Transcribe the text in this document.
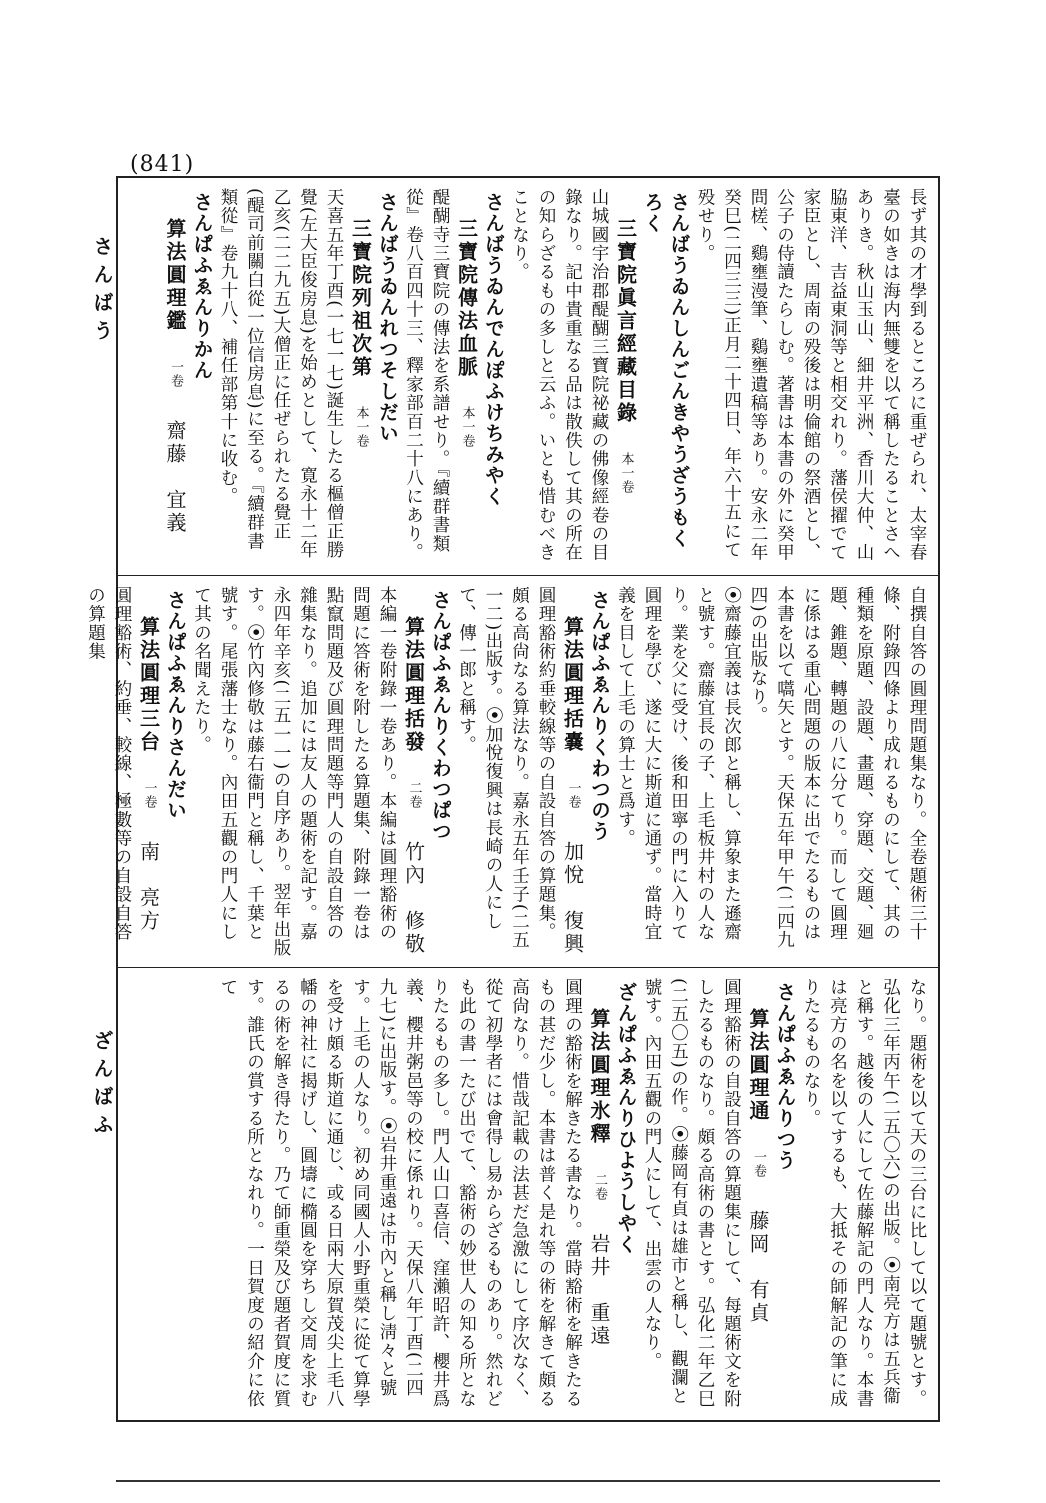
(841)
さんばう
ざんばふ
長ず其の才學到るところに重ぜられ、太宰春臺の如きは海内無雙を以て稱したることさへありき。秋山玉山、細井平洲、香川大仲、山脇東洋、吉益東洞等と相交れり。藩侯擢でて家臣とし、周南の殁後は明倫館の祭酒とし、公子の侍讀たらしむ。著書は本書の外に癸甲問槎、鷄壅漫筆、鷄壅遺稿等あり。安永二年癸巳(二四三三)正月二十四日、年六十五にて殁せり。
さんばうゐんしんごんきやうざうもくろく
三寶院眞言經藏目錄 本一卷
山城國宇治郡醍醐三寶院祕藏の佛像經卷の目錄なり。記中貴重なる品は散佚して其の所在の知らざるもの多しと云ふ。いとも惜むべきことなり。
さんばうゐんでんぽふけちみやく
三寶院傳法血脈 本一卷
醍醐寺三寶院の傳法を系譜せり。『續群書類從』卷八百四十三、釋家部百二十八にあり。
さんばうゐんれつそしだい
三寶院列祖次第 本一卷
天喜五年丁酉(一七一七)誕生したる樞僧正勝覺(左大臣俊房息)を始めとして、寛永十二年乙亥(二二九五)大僧正に任ぜられたる覺正(醍司前關白從一位信房息)に至る。『續群書類從』卷九十八、補任部第十に收む。
さんぱふゑんりかん
算法圓理鑑 一卷 齋藤　宜義
自撰自答の圓理問題集なり。全卷題術三十條、附錄四條より成れるものにして、其の種類を原題、設題、畫題、穿題、交題、廻題、錐題、轉題の八に分てり。而して圓理に係はる重心問題の版本に出でたるものは本書を以て嚆矢とす。天保五年甲午(二四九四)の出版なり。
⦿齋藤宜義は長次郎と稱し、算象また遜齋と號す。齋藤宜長の子、上毛板井村の人なり。業を父に受け、後和田寧の門に入りて圓理を學び、遂に大に斯道に通ず。當時宜義を目して上毛の算士と爲す。
さんぱふゑんりくわつのう
算法圓理括嚢 一卷 加悅　復興
圓理豁術約垂較線等の自設自答の算題集。頗る高尙なる算法なり。嘉永五年壬子(二五一二)出版す。⦿加悅復興は長崎の人にして、傳一郎と稱す。
さんぱふゑんりくわつぱつ
算法圓理括發 二卷 竹內　修敬
本編一卷附錄一卷あり。本編は圓理豁術の問題に答術を附したる算題集、附錄一卷は點竄問題及び圓理問題等門人の自設自答の雜集なり。追加には友人の題術を記す。嘉永四年辛亥(二五一一)の自序あり。翌年出版す。⦿竹內修敬は藤右衞門と稱し、千葉と號す。尾張藩士なり。內田五觀の門人にして其の名聞えたり。
さんぱふゑんりさんだい
算法圓理三台 一卷 南　亮方
圓理豁術、約垂、較線、極數等の自設自答の算題集
なり。題術を以て天の三台に比して以て題號とす。弘化三年丙午(二五〇六)の出版。⦿南亮方は五兵衞と稱す。越後の人にして佐藤解記の門人なり。本書は亮方の名を以てするも、大抵その師解記の筆に成りたるものなり。
さんぱふゑんりつう
算法圓理通 一卷 藤岡　有貞
圓理豁術の自設自答の算題集にして、每題術文を附したるものなり。頗る高術の書とす。弘化二年乙巳(二五〇五)の作。⦿藤岡有貞は雄市と稱し、觀瀾と號す。內田五觀の門人にして、出雲の人なり。
ざんぱふゑんりひようしやく
算法圓理氷釋 二卷 岩井　重遠
圓理の豁術を解きたる書なり。當時豁術を解きたるもの甚だ少し。本書は普く是れ等の術を解きて頗る高尙なり。惜哉記載の法甚だ急激にして序次なく、從て初學者には會得し易からざるものあり。然れども此の書一たび出でて、豁術の妙世人の知る所となりたるもの多し。門人山口喜信、窪瀨昭許、櫻井爲義、櫻井粥邑等の校に係れり。天保八年丁酉(二四九七)に出版す。⦿岩井重遠は市內と稱し淸々と號す。上毛の人なり。初め同國人小野重榮に從て算學を受け頗る斯道に通じ、或る日兩大原賀茂尖上毛八幡の神社に揭げし、圓壔に橢圓を穿ちし交周を求むるの術を解き得たり。乃て師重榮及び題者賀度に質す。誰氏の賞する所となれり。一日賀度の紹介に依て
